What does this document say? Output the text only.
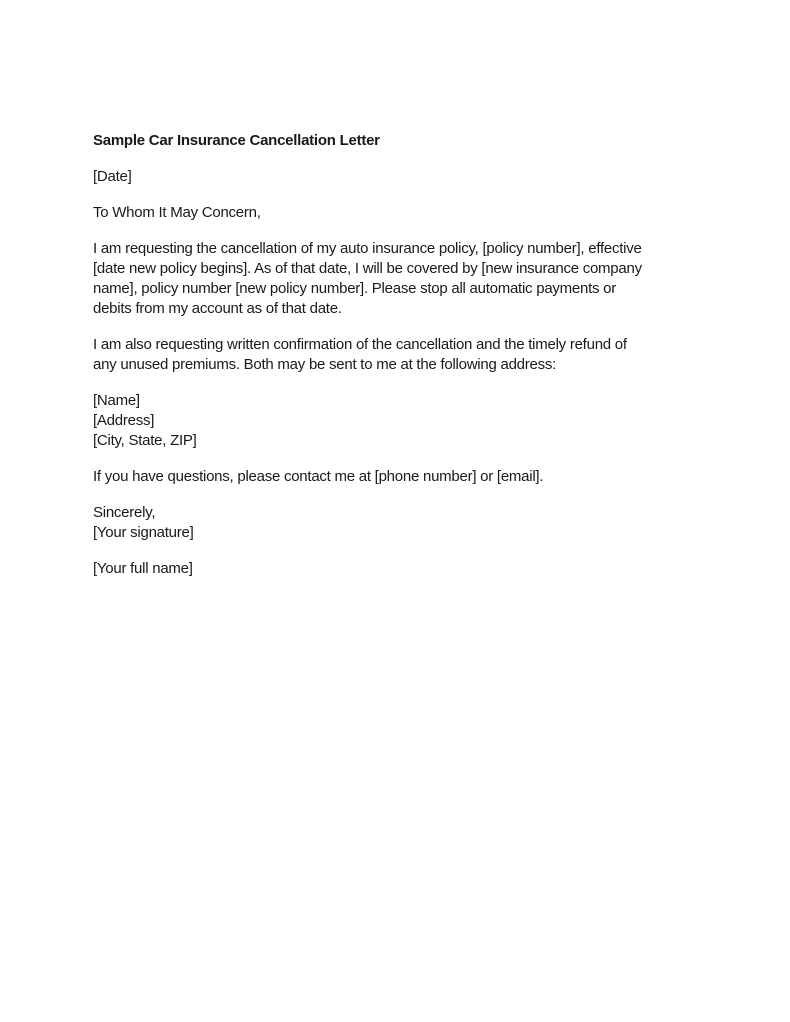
Sample Car Insurance Cancellation Letter

[Date]

To Whom It May Concern,

I am requesting the cancellation of my auto insurance policy, [policy number], effective
[date new policy begins]. As of that date, I will be covered by [new insurance company
name], policy number [new policy number]. Please stop all automatic payments or
debits from my account as of that date.

I am also requesting written confirmation of the cancellation and the timely refund of
any unused premiums. Both may be sent to me at the following address:

[Name]
[Address]
[City, State, ZIP]

If you have questions, please contact me at [phone number] or [email].

Sincerely,
[Your signature]

[Your full name]
